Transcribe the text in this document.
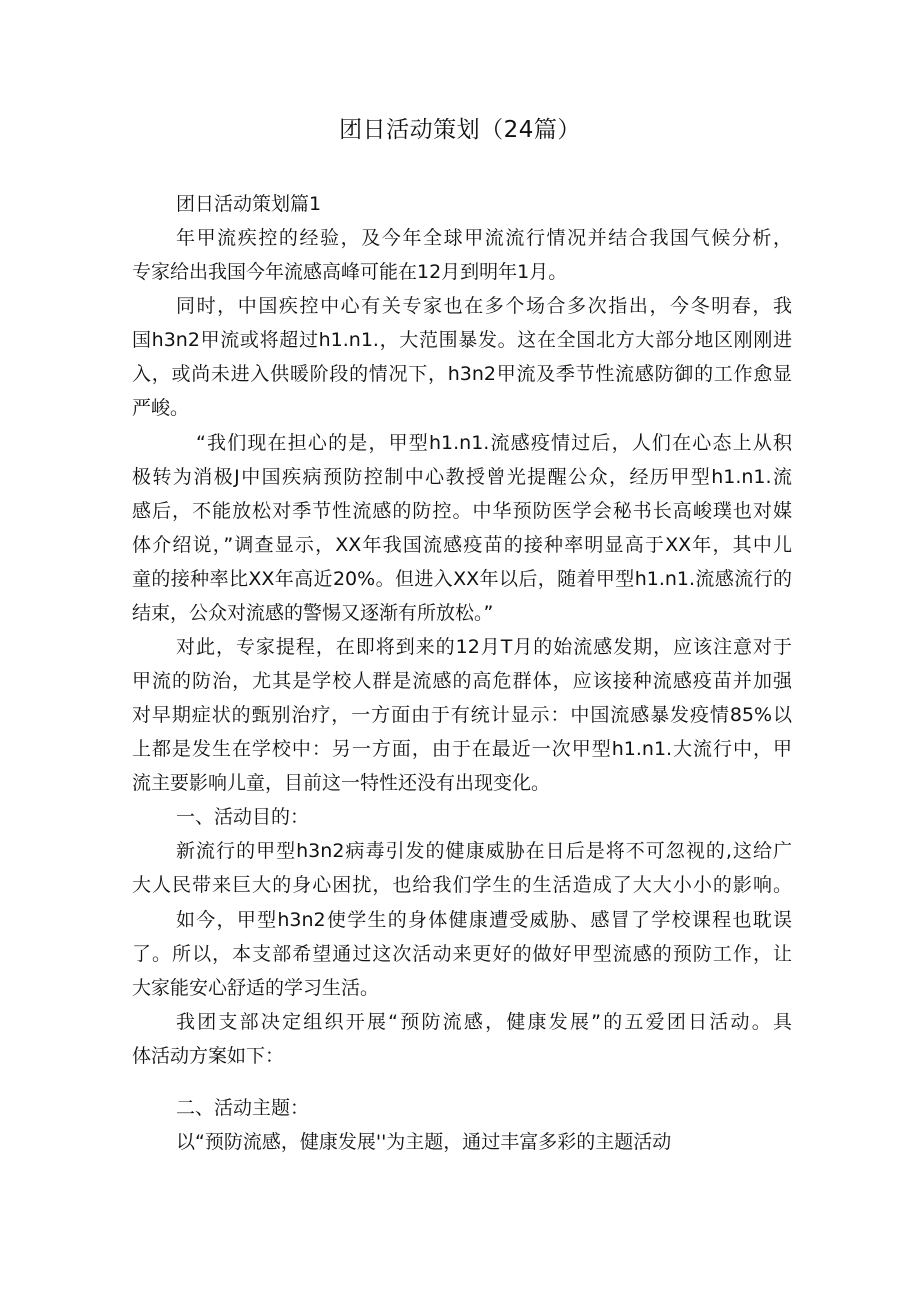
团日活动策划（24篇）
团日活动策划篇1
年甲流疾控的经验，及今年全球甲流流行情况并结合我国气候分析，
专家给出我国今年流感高峰可能在12月到明年1月。
同时，中国疾控中心有关专家也在多个场合多次指出，今冬明春，我
国h3n2甲流或将超过h1.n1.，大范围暴发。这在全国北方大部分地区刚刚进
入，或尚未进入供暖阶段的情况下，h3n2甲流及季节性流感防御的工作愈显
严峻。
“我们现在担心的是，甲型h1.n1.流感疫情过后，人们在心态上从积
极转为消极J中国疾病预防控制中心教授曾光提醒公众，经历甲型h1.n1.流
感后，不能放松对季节性流感的防控。中华预防医学会秘书长高峻璞也对媒
体介绍说，”调查显示，XX年我国流感疫苗的接种率明显高于XX年，其中儿
童的接种率比XX年高近20%。但进入XX年以后，随着甲型h1.n1.流感流行的
结束，公众对流感的警惕又逐渐有所放松。”
对此，专家提程，在即将到来的12月T月的始流感发期，应该注意对于
甲流的防治，尤其是学校人群是流感的高危群体，应该接种流感疫苗并加强
对早期症状的甄别治疗，一方面由于有统计显示：中国流感暴发疫情85%以
上都是发生在学校中：另一方面，由于在最近一次甲型h1.n1.大流行中，甲
流主要影响儿童，目前这一特性还没有出现变化。
一、活动目的：
新流行的甲型h3n2病毒引发的健康威胁在日后是将不可忽视的,这给广
大人民带来巨大的身心困扰，也给我们学生的生活造成了大大小小的影响。
如今，甲型h3n2使学生的身体健康遭受威胁、感冒了学校课程也耽误
了。所以，本支部希望通过这次活动来更好的做好甲型流感的预防工作，让
大家能安心舒适的学习生活。
我团支部决定组织开展“预防流感，健康发展”的五爱团日活动。具
体活动方案如下：
二、活动主题：
以“预防流感，健康发展''为主题，通过丰富多彩的主题活动
